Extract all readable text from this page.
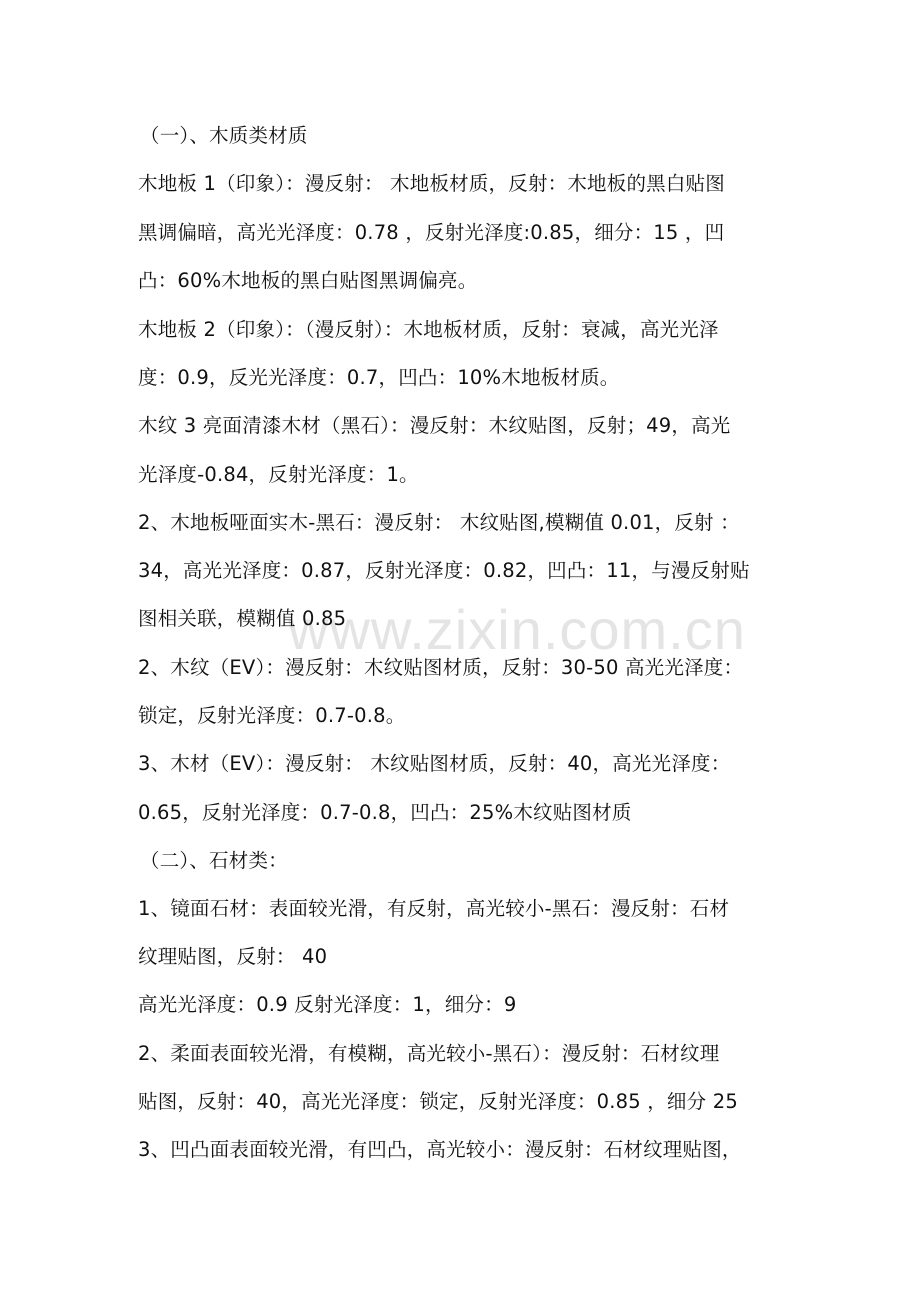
www.zixin.com.cn
（一）、木质类材质
木地板 1（印象）：漫反射： 木地板材质，反射：木地板的黑白贴图
黑调偏暗，高光光泽度：0.78 ，反射光泽度:0.85，细分：15 ，凹
凸：60%木地板的黑白贴图黑调偏亮。
木地板 2（印象）：（漫反射）：木地板材质，反射：衰减，高光光泽
度：0.9，反光光泽度：0.7，凹凸：10%木地板材质。
木纹 3 亮面清漆木材（黑石）：漫反射：木纹贴图，反射；49，高光
光泽度-0.84，反射光泽度：1。
2、木地板哑面实木-黑石：漫反射： 木纹贴图,模糊值 0.01，反射 ：
34，高光光泽度：0.87，反射光泽度：0.82，凹凸：11，与漫反射贴
图相关联，模糊值 0.85
2、木纹（EV）：漫反射：木纹贴图材质，反射：30-50 高光光泽度：
锁定，反射光泽度：0.7-0.8。
3、木材（EV）：漫反射： 木纹贴图材质，反射：40，高光光泽度：
0.65，反射光泽度：0.7-0.8，凹凸：25%木纹贴图材质
（二）、石材类：
1、镜面石材：表面较光滑，有反射，高光较小-黑石：漫反射：石材
纹理贴图，反射： 40
高光光泽度：0.9 反射光泽度：1，细分：9
2、柔面表面较光滑，有模糊，高光较小-黑石）：漫反射：石材纹理
贴图，反射：40，高光光泽度：锁定，反射光泽度：0.85 ，细分 25
3、凹凸面表面较光滑，有凹凸，高光较小：漫反射：石材纹理贴图，
